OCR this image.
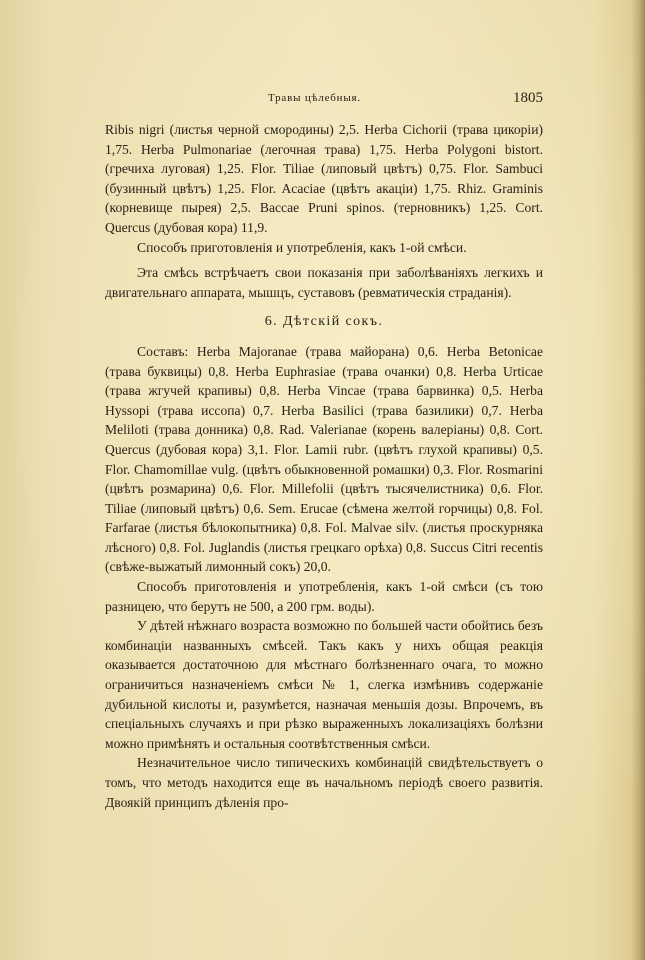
Травы цѣлебныя.	1805

Ribis nigri (листья черной смородины) 2,5. Herba Cichorii (трава цикоріи) 1,75. Herba Pulmonariae (легочная трава) 1,75. Herba Polygoni bistort. (гречиха луговая) 1,25. Flor. Tiliae (липовый цвѣтъ) 0,75. Flor. Sambuci (бузинный цвѣтъ) 1,25. Flor. Acaciae (цвѣтъ акаціи) 1,75. Rhiz. Graminis (корневище пырея) 2,5. Baccae Pruni spinos. (терновникъ) 1,25. Cort. Quercus (дубовая кора) 11,9.

Способъ приготовленія и употребленія, какъ 1-ой смѣси.

Эта смѣсь встрѣчаетъ свои показанія при заболѣваніяхъ легкихъ и двигательнаго аппарата, мышцъ, суставовъ (ревматическія страданія).

6. Дѣтскій сокъ.

Составъ: Herba Majoranae (трава майорана) 0,6. Herba Betonicae (трава буквицы) 0,8. Herba Euphrasiae (трава очанки) 0,8. Herba Urticae (трава жгучей крапивы) 0,8. Herba Vincae (трава барвинка) 0,5. Herba Hyssopi (трава иссопа) 0,7. Herba Basilici (трава базилики) 0,7. Herba Meliloti (трава донника) 0,8. Rad. Valerianae (корень валеріаны) 0,8. Cort. Quercus (дубовая кора) 3,1. Flor. Lamii rubr. (цвѣтъ глухой крапивы) 0,5. Flor. Chamomillae vulg. (цвѣтъ обыкновенной ромашки) 0,3. Flor. Rosmarini (цвѣтъ розмарина) 0,6. Flor. Millefolii (цвѣтъ тысячелистника) 0,6. Flor. Tiliae (липовый цвѣтъ) 0,6. Sem. Erucae (сѣмена желтой горчицы) 0,8. Fol. Farfarae (листья бѣлокопытника) 0,8. Fol. Malvae silv. (листья проскурняка лѣсного) 0,8. Fol. Juglandis (листья грецкаго орѣха) 0,8. Succus Citri recentis (свѣже-выжатый лимонный сокъ) 20,0.

Способъ приготовленія и употребленія, какъ 1-ой смѣси (съ тою разницею, что берутъ не 500, а 200 грм. воды).

У дѣтей нѣжнаго возраста возможно по большей части обойтись безъ комбинаціи названныхъ смѣсей. Такъ какъ у нихъ общая реакція оказывается достаточною для мѣстнаго болѣзненнаго очага, то можно ограничиться назначеніемъ смѣси № 1, слегка измѣнивъ содержаніе дубильной кислоты и, разумѣется, назначая меньшія дозы. Впрочемъ, въ спеціальныхъ случаяхъ и при рѣзко выраженныхъ локализаціяхъ болѣзни можно примѣнять и остальныя соотвѣтственныя смѣси.

Незначительное число типическихъ комбинацій свидѣтельствуетъ о томъ, что методъ находится еще въ начальномъ періодѣ своего развитія. Двоякій принципъ дѣленія про-
